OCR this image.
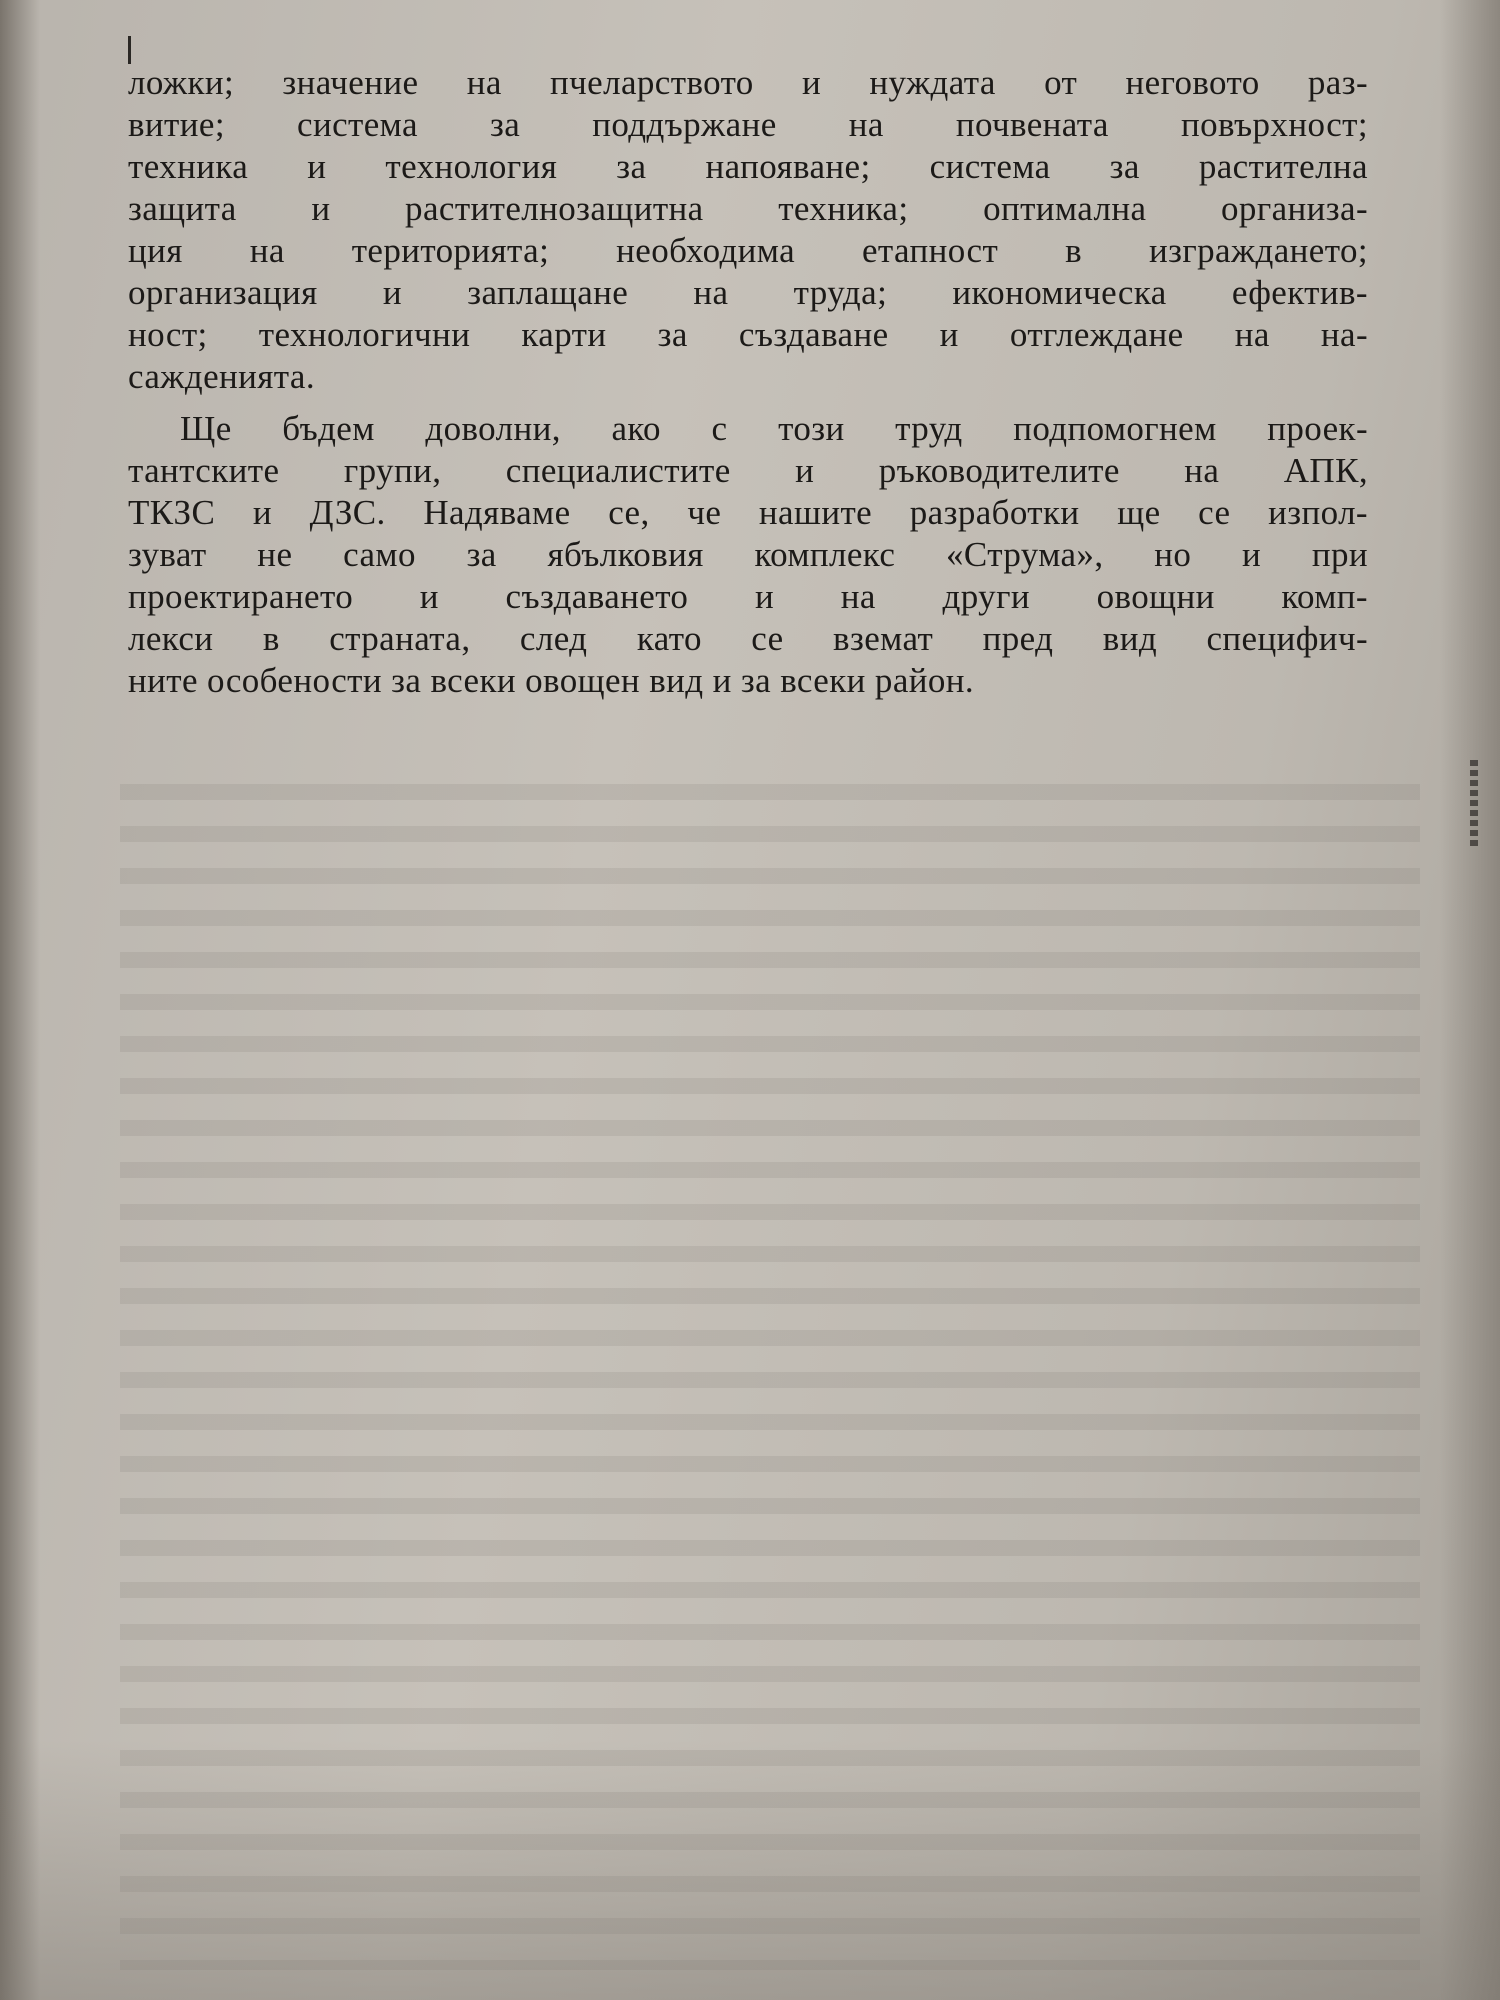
ложки; значение на пчеларството и нуждата от неговото раз-
витие; система за поддържане на почвената повърхност;
техника и технология за напояване; система за растителна
защита и растителнозащитна техника; оптимална организа-
ция на територията; необходима етапност в изграждането;
организация и заплащане на труда; икономическа ефектив-
ност; технологични карти за създаване и отглеждане на на-
сажденията.
Ще бъдем доволни, ако с този труд подпомогнем проек-
тантските групи, специалистите и ръководителите на АПК,
ТКЗС и ДЗС. Надяваме се, че нашите разработки ще се изпол-
зуват не само за ябълковия комплекс «Струма», но и при
проектирането и създаването и на други овощни комп-
лекси в страната, след като се вземат пред вид специфич-
ните особености за всеки овощен вид и за всеки район.
